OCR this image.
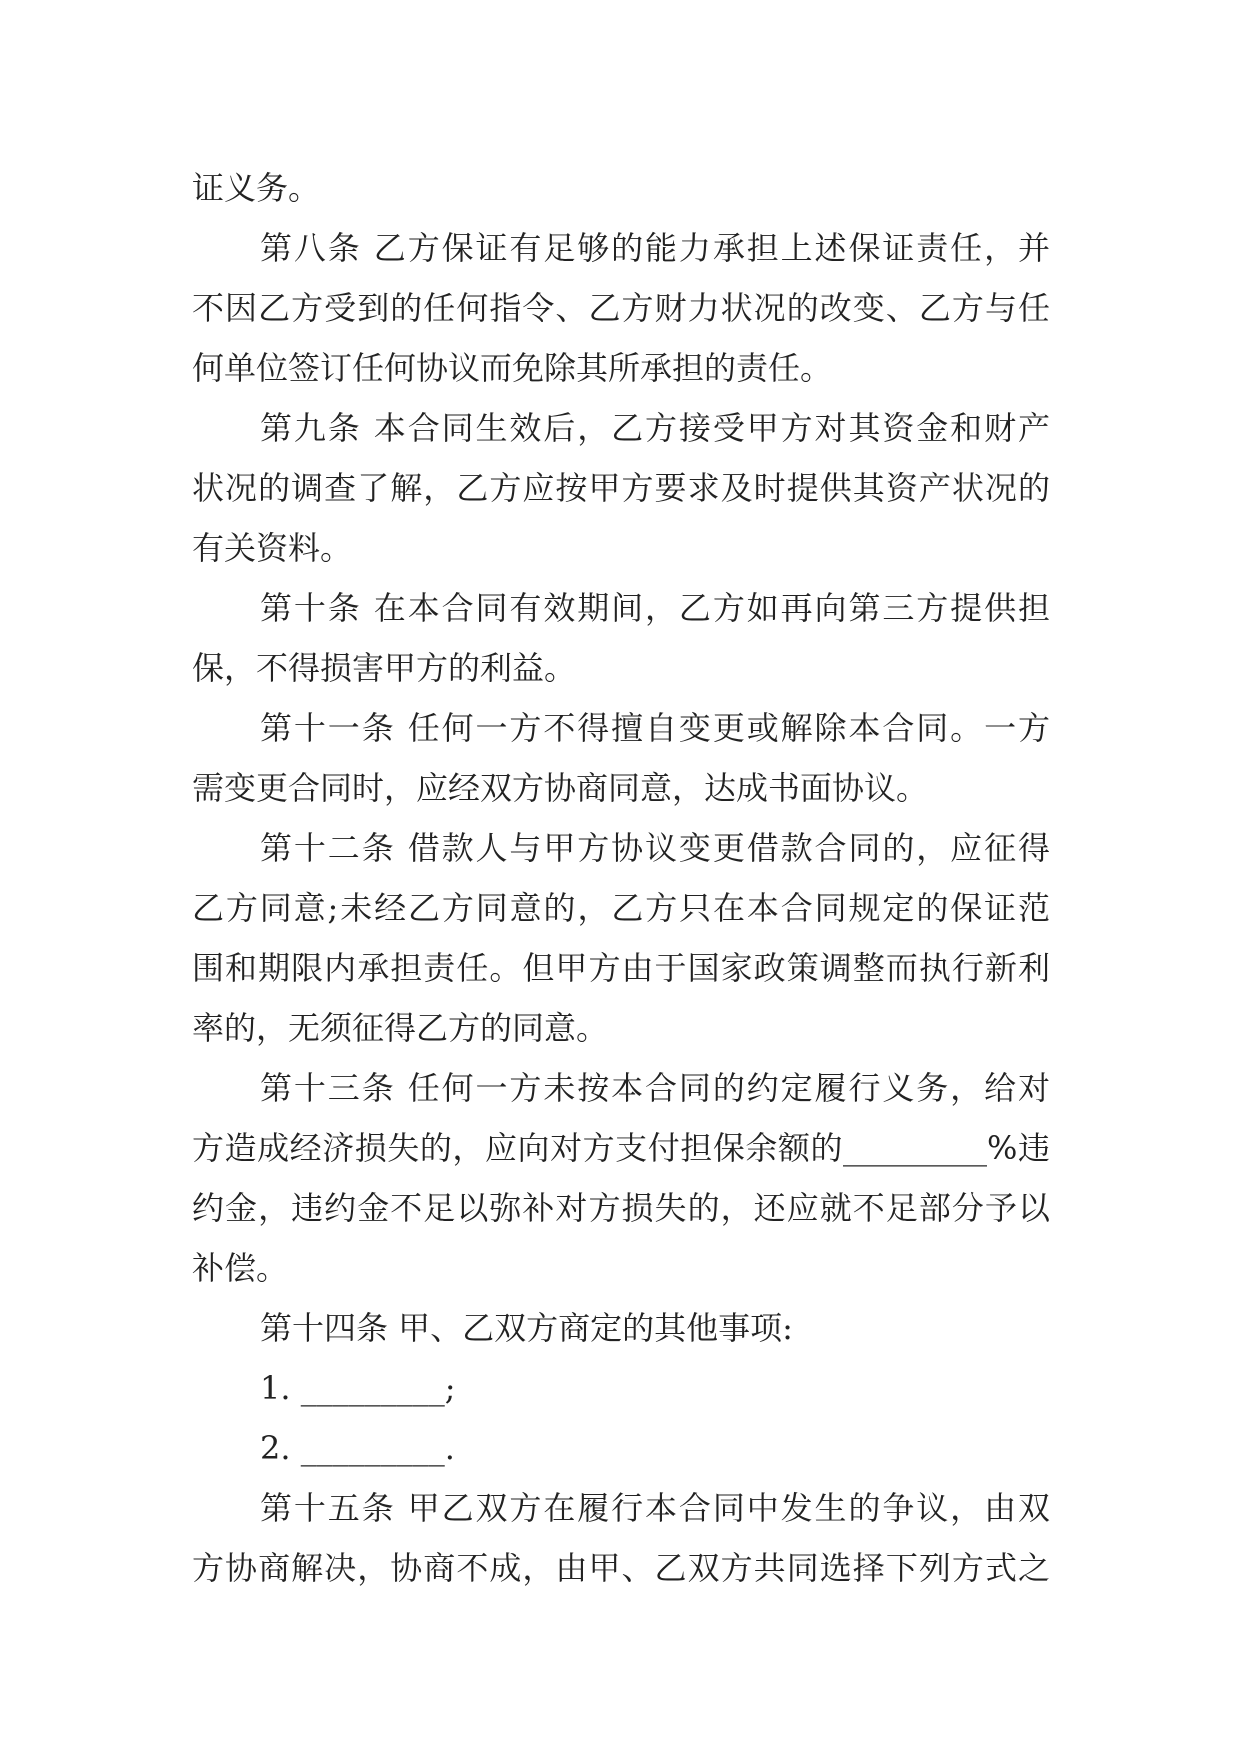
证义务。
第八条 乙方保证有足够的能力承担上述保证责任，并
不因乙方受到的任何指令、乙方财力状况的改变、乙方与任
何单位签订任何协议而免除其所承担的责任。
第九条 本合同生效后，乙方接受甲方对其资金和财产
状况的调查了解，乙方应按甲方要求及时提供其资产状况的
有关资料。
第十条 在本合同有效期间，乙方如再向第三方提供担
保，不得损害甲方的利益。
第十一条 任何一方不得擅自变更或解除本合同。一方
需变更合同时，应经双方协商同意，达成书面协议。
第十二条 借款人与甲方协议变更借款合同的，应征得
乙方同意;未经乙方同意的，乙方只在本合同规定的保证范
围和期限内承担责任。但甲方由于国家政策调整而执行新利
率的，无须征得乙方的同意。
第十三条 任何一方未按本合同的约定履行义务，给对
方造成经济损失的，应向对方支付担保余额的_________%违
约金，违约金不足以弥补对方损失的，还应就不足部分予以
补偿。
第十四条 甲、乙双方商定的其他事项:
1. _________;
2. _________.
第十五条 甲乙双方在履行本合同中发生的争议，由双
方协商解决，协商不成，由甲、乙双方共同选择下列方式之
